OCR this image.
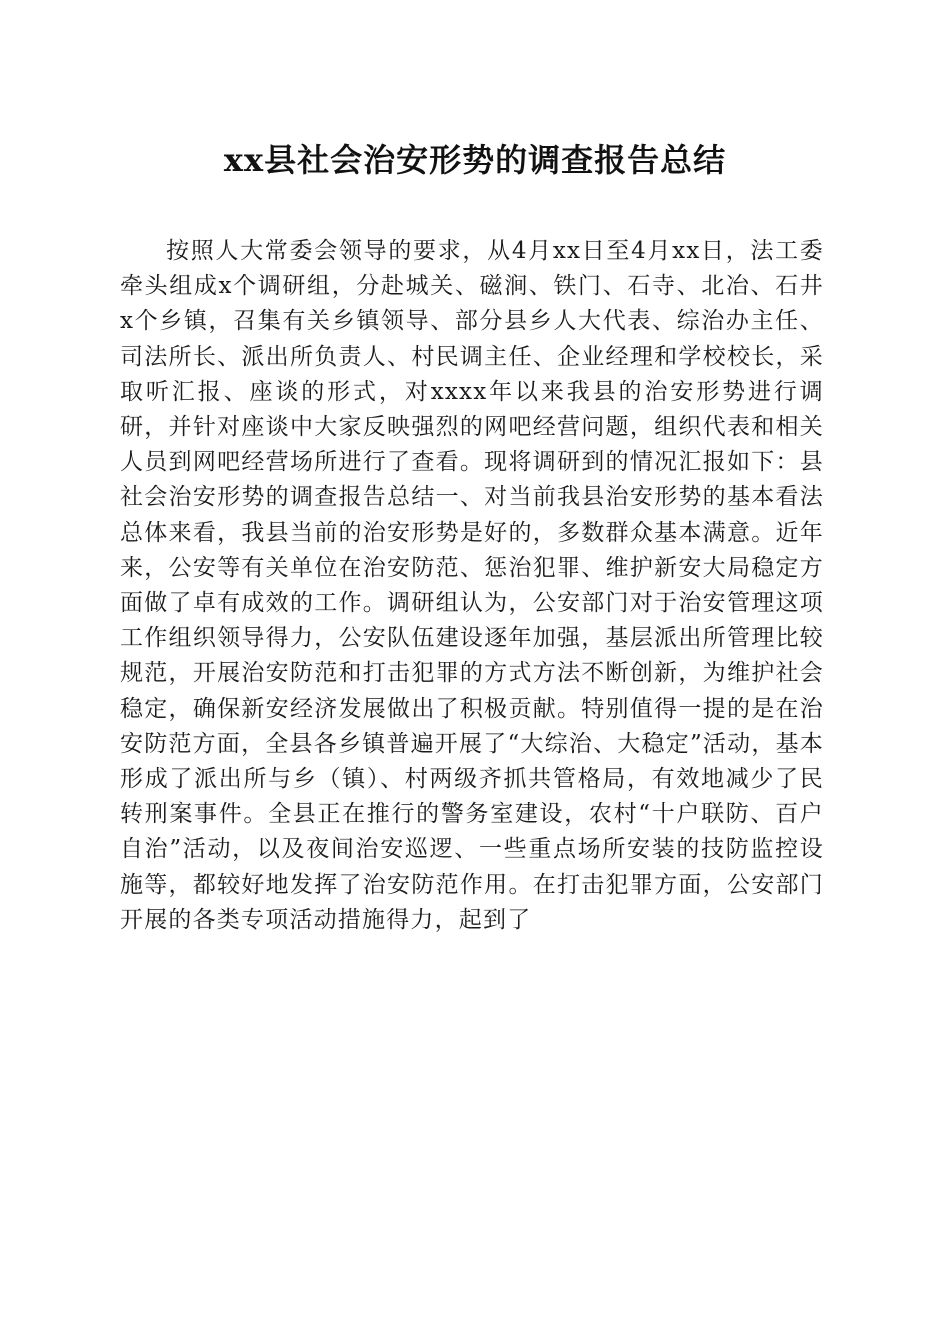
xx县社会治安形势的调查报告总结

按照人大常委会领导的要求，从4月xx日至4月xx日，法工委牵头组成x个调研组，分赴城关、磁涧、铁门、石寺、北冶、石井x个乡镇，召集有关乡镇领导、部分县乡人大代表、综治办主任、司法所长、派出所负责人、村民调主任、企业经理和学校校长，采取听汇报、座谈的形式，对xxxx年以来我县的治安形势进行调研，并针对座谈中大家反映强烈的网吧经营问题，组织代表和相关人员到网吧经营场所进行了查看。现将调研到的情况汇报如下：县社会治安形势的调查报告总结一、对当前我县治安形势的基本看法总体来看，我县当前的治安形势是好的，多数群众基本满意。近年来，公安等有关单位在治安防范、惩治犯罪、维护新安大局稳定方面做了卓有成效的工作。调研组认为，公安部门对于治安管理这项工作组织领导得力，公安队伍建设逐年加强，基层派出所管理比较规范，开展治安防范和打击犯罪的方式方法不断创新，为维护社会稳定，确保新安经济发展做出了积极贡献。特别值得一提的是在治安防范方面，全县各乡镇普遍开展了“大综治、大稳定”活动，基本形成了派出所与乡（镇）、村两级齐抓共管格局，有效地减少了民转刑案事件。全县正在推行的警务室建设，农村“十户联防、百户自治”活动，以及夜间治安巡逻、一些重点场所安装的技防监控设施等，都较好地发挥了治安防范作用。在打击犯罪方面，公安部门开展的各类专项活动措施得力，起到了
